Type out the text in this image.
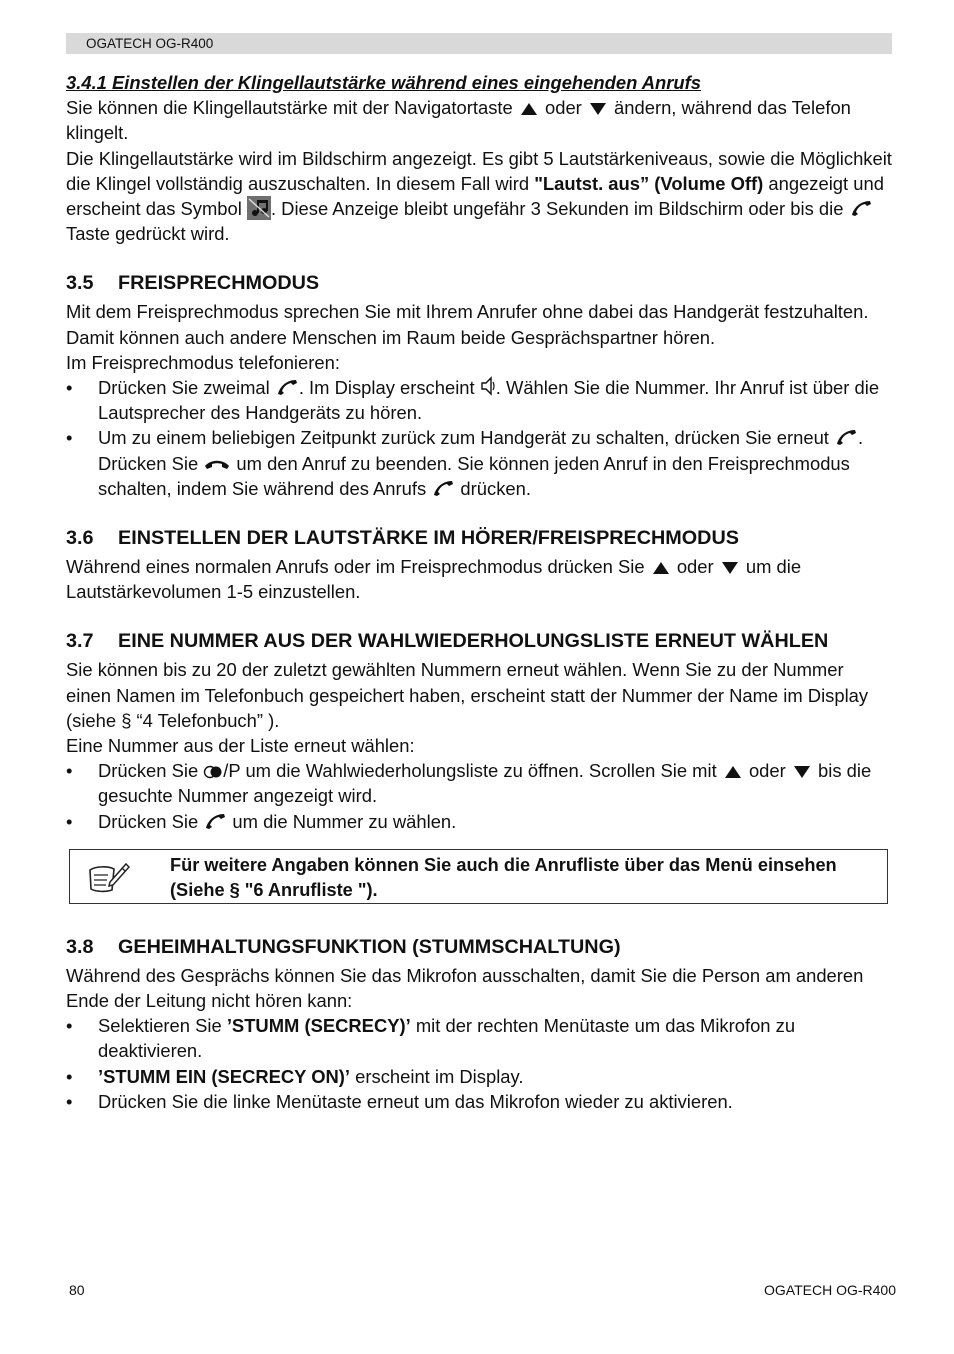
OGATECH OG-R400

3.4.1 Einstellen der Klingellautstärke während eines eingehenden Anrufs

Sie können die Klingellautstärke mit der Navigatortaste oder ändern, während das Telefon klingelt.

Die Klingellautstärke wird im Bildschirm angezeigt. Es gibt 5 Lautstärkeniveaus, sowie die Möglichkeit die Klingel vollständig auszuschalten. In diesem Fall wird "Lautst. aus” (Volume Off) angezeigt und erscheint das Symbol . Diese Anzeige bleibt ungefähr 3 Sekunden im Bildschirm oder bis die  Taste gedrückt wird.

3.5	FREISPRECHMODUS

Mit dem Freisprechmodus sprechen Sie mit Ihrem Anrufer ohne dabei das Handgerät festzuhalten. Damit können auch andere Menschen im Raum beide Gesprächspartner hören.

Im Freisprechmodus telefonieren:

• Drücken Sie zweimal . Im Display erscheint . Wählen Sie die Nummer. Ihr Anruf ist über die Lautsprecher des Handgeräts zu hören.
• Um zu einem beliebigen Zeitpunkt zurück zum Handgerät zu schalten, drücken Sie erneut . Drücken Sie um den Anruf zu beenden. Sie können jeden Anruf in den Freisprechmodus schalten, indem Sie während des Anrufs drücken.
3.6	EINSTELLEN DER LAUTSTÄRKE IM HÖRER/FREISPRECHMODUS

Während eines normalen Anrufs oder im Freisprechmodus drücken Sie oder um die Lautstärkevolumen 1-5 einzustellen.

3.7	EINE NUMMER AUS DER WAHLWIEDERHOLUNGSLISTE ERNEUT WÄHLEN

Sie können bis zu 20 der zuletzt gewählten Nummern erneut wählen. Wenn Sie zu der Nummer einen Namen im Telefonbuch gespeichert haben, erscheint statt der Nummer der Name im Display (siehe § “4 Telefonbuch” ).

Eine Nummer aus der Liste erneut wählen:

• Drücken Sie /P um die Wahlwiederholungsliste zu öffnen. Scrollen Sie mit oder bis die gesuchte Nummer angezeigt wird.
• Drücken Sie um die Nummer zu wählen.
Für weitere Angaben können Sie auch die Anrufliste über das Menü einsehen (Siehe § "6 Anrufliste ").
3.8	GEHEIMHALTUNGSFUNKTION (STUMMSCHALTUNG)

Während des Gesprächs können Sie das Mikrofon ausschalten, damit Sie die Person am anderen Ende der Leitung nicht hören kann:

• Selektieren Sie ’STUMM (SECRECY)’ mit der rechten Menütaste um das Mikrofon zu deaktivieren.
• ’STUMM EIN (SECRECY ON)’ erscheint im Display.
• Drücken Sie die linke Menütaste erneut um das Mikrofon wieder zu aktivieren.
80	OGATECH OG-R400
